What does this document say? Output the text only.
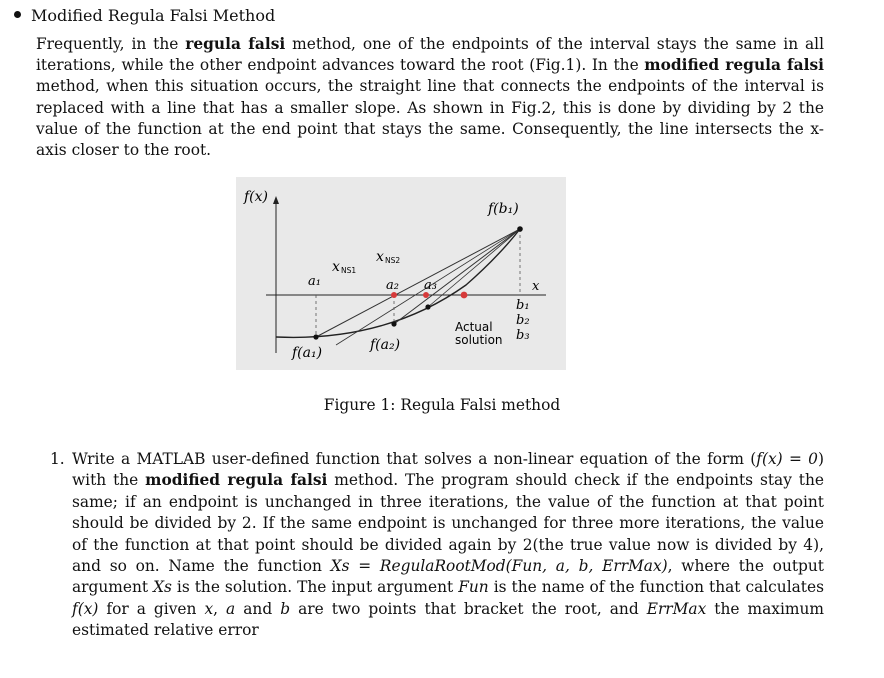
Modified Regula Falsi Method
Frequently, in the regula falsi method, one of the endpoints of the interval stays the same in all iterations, while the other endpoint advances toward the root (Fig.1). In the modified regula falsi method, when this situation occurs, the straight line that connects the endpoints of the interval is replaced with a line that has a smaller slope. As shown in Fig.2, this is done by dividing by 2 the value of the function at the end point that stays the same. Consequently, the line intersects the x-axis closer to the root.
f(x)
f(b₁)
x
a₁	a₂ a₃
x NS1
x NS2
b₁
b₂
b₃
Actual
solution
f(a₁)	f(a₂)
Figure 1: Regula Falsi method
1. Write a MATLAB user-defined function that solves a non-linear equation of the form (f(x) = 0) with the modified regula falsi method. The program should check if the endpoints stay the same; if an endpoint is unchanged in three iterations, the value of the function at that point should be divided by 2. If the same endpoint is unchanged for three more iterations, the value of the function at that point should be divided again by 2(the true value now is divided by 4), and so on. Name the function Xs = RegulaRootMod(Fun, a, b, ErrMax), where the output argument Xs is the solution. The input argument Fun is the name of the function that calculates f(x) for a given x, a and b are two points that bracket the root, and ErrMax the maximum estimated relative error
